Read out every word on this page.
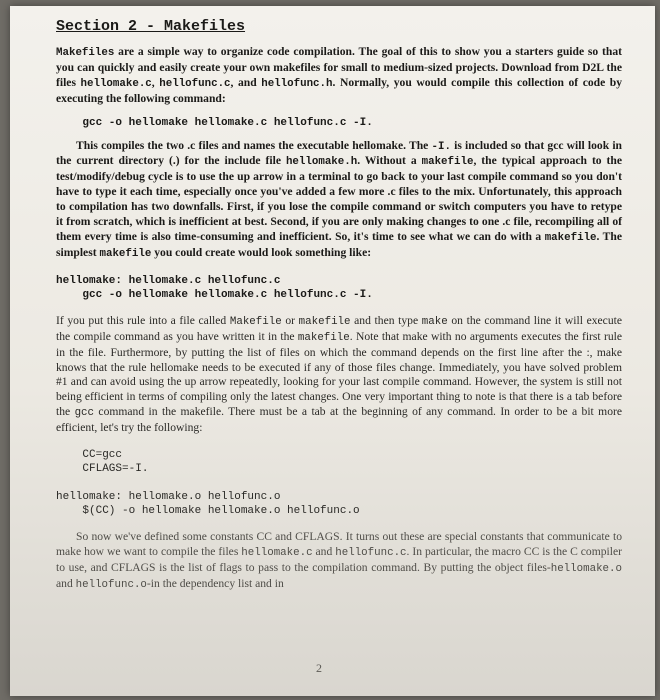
Section 2 - Makefiles

Makefiles are a simple way to organize code compilation. The goal of this to show you a starters guide so that you can quickly and easily create your own makefiles for small to medium-sized projects. Download from D2L the files hellomake.c, hellofunc.c, and hellofunc.h. Normally, you would compile this collection of code by executing the following command:

gcc -o hellomake hellomake.c hellofunc.c -I.

This compiles the two .c files and names the executable hellomake. The -I. is included so that gcc will look in the current directory (.) for the include file hellomake.h. Without a makefile, the typical approach to the test/modify/debug cycle is to use the up arrow in a terminal to go back to your last compile command so you don't have to type it each time, especially once you've added a few more .c files to the mix. Unfortunately, this approach to compilation has two downfalls. First, if you lose the compile command or switch computers you have to retype it from scratch, which is inefficient at best. Second, if you are only making changes to one .c file, recompiling all of them every time is also time-consuming and inefficient. So, it's time to see what we can do with a makefile. The simplest makefile you could create would look something like:

hellomake: hellomake.c hellofunc.c
gcc -o hellomake hellomake.c hellofunc.c -I.

If you put this rule into a file called Makefile or makefile and then type make on the command line it will execute the compile command as you have written it in the makefile. Note that make with no arguments executes the first rule in the file. Furthermore, by putting the list of files on which the command depends on the first line after the :, make knows that the rule hellomake needs to be executed if any of those files change. Immediately, you have solved problem #1 and can avoid using the up arrow repeatedly, looking for your last compile command. However, the system is still not being efficient in terms of compiling only the latest changes. One very important thing to note is that there is a tab before the gcc command in the makefile. There must be a tab at the beginning of any command. In order to be a bit more efficient, let's try the following:

CC=gcc
CFLAGS=-I.
hellomake: hellomake.o hellofunc.o
$(CC) -o hellomake hellomake.o hellofunc.o

So now we've defined some constants CC and CFLAGS. It turns out these are special constants that communicate to make how we want to compile the files hellomake.c and hellofunc.c. In particular, the macro CC is the C compiler to use, and CFLAGS is the list of flags to pass to the compilation command. By putting the object files-hellomake.o and hellofunc.o-in the dependency list and in

2
